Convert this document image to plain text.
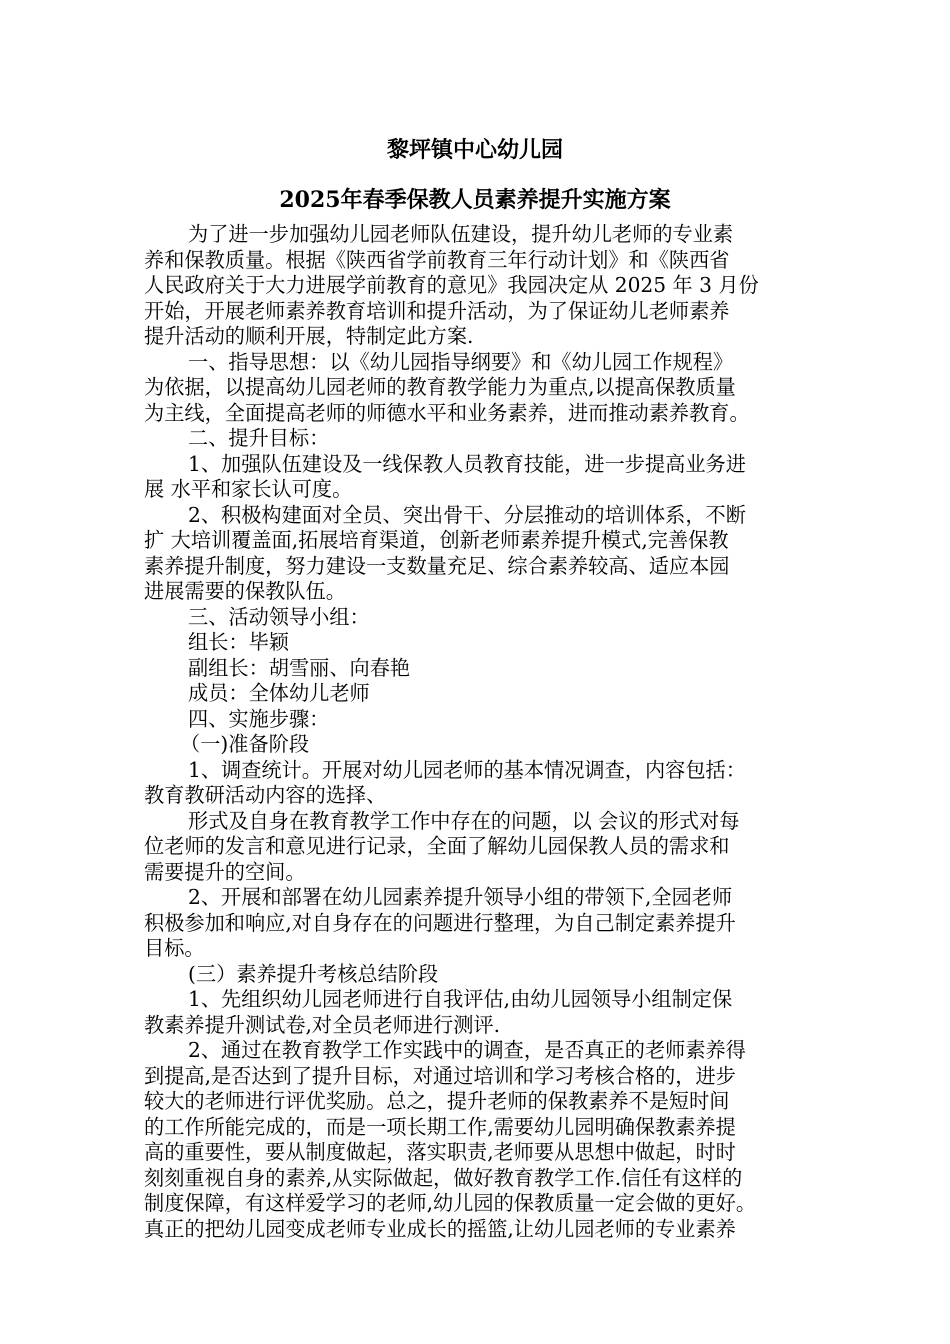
黎坪镇中心幼儿园
2025年春季保教人员素养提升实施方案
为了进一步加强幼儿园老师队伍建设，提升幼儿老师的专业素
养和保教质量。根据《陕西省学前教育三年行动计划》和《陕西省
人民政府关于大力进展学前教育的意见》我园决定从 2025 年 3 月份
开始，开展老师素养教育培训和提升活动，为了保证幼儿老师素养
提升活动的顺利开展，特制定此方案.
一、指导思想：以《幼儿园指导纲要》和《幼儿园工作规程》
为依据，以提高幼儿园老师的教育教学能力为重点,以提高保教质量
为主线，全面提高老师的师德水平和业务素养，进而推动素养教育。
二、提升目标：
1、加强队伍建设及一线保教人员教育技能，进一步提高业务进
展 水平和家长认可度。
2、积极构建面对全员、突出骨干、分层推动的培训体系，不断
扩 大培训覆盖面,拓展培育渠道，创新老师素养提升模式,完善保教
素养提升制度，努力建设一支数量充足、综合素养较高、适应本园
进展需要的保教队伍。
三、活动领导小组：
组长：毕颖
副组长：胡雪丽、向春艳
成员：全体幼儿老师
四、实施步骤：
（一)准备阶段
1、调查统计。开展对幼儿园老师的基本情况调查，内容包括：
教育教研活动内容的选择、
形式及自身在教育教学工作中存在的问题，以 会议的形式对每
位老师的发言和意见进行记录，全面了解幼儿园保教人员的需求和
需要提升的空间。
2、开展和部署在幼儿园素养提升领导小组的带领下,全园老师
积极参加和响应,对自身存在的问题进行整理，为自己制定素养提升
目标。
(三）素养提升考核总结阶段
1、先组织幼儿园老师进行自我评估,由幼儿园领导小组制定保
教素养提升测试卷,对全员老师进行测评.
2、通过在教育教学工作实践中的调查，是否真正的老师素养得
到提高,是否达到了提升目标，对通过培训和学习考核合格的，进步
较大的老师进行评优奖励。总之，提升老师的保教素养不是短时间
的工作所能完成的，而是一项长期工作,需要幼儿园明确保教素养提
高的重要性，要从制度做起，落实职责,老师要从思想中做起，时时
刻刻重视自身的素养,从实际做起，做好教育教学工作.信任有这样的
制度保障，有这样爱学习的老师,幼儿园的保教质量一定会做的更好。
真正的把幼儿园变成老师专业成长的摇篮,让幼儿园老师的专业素养
